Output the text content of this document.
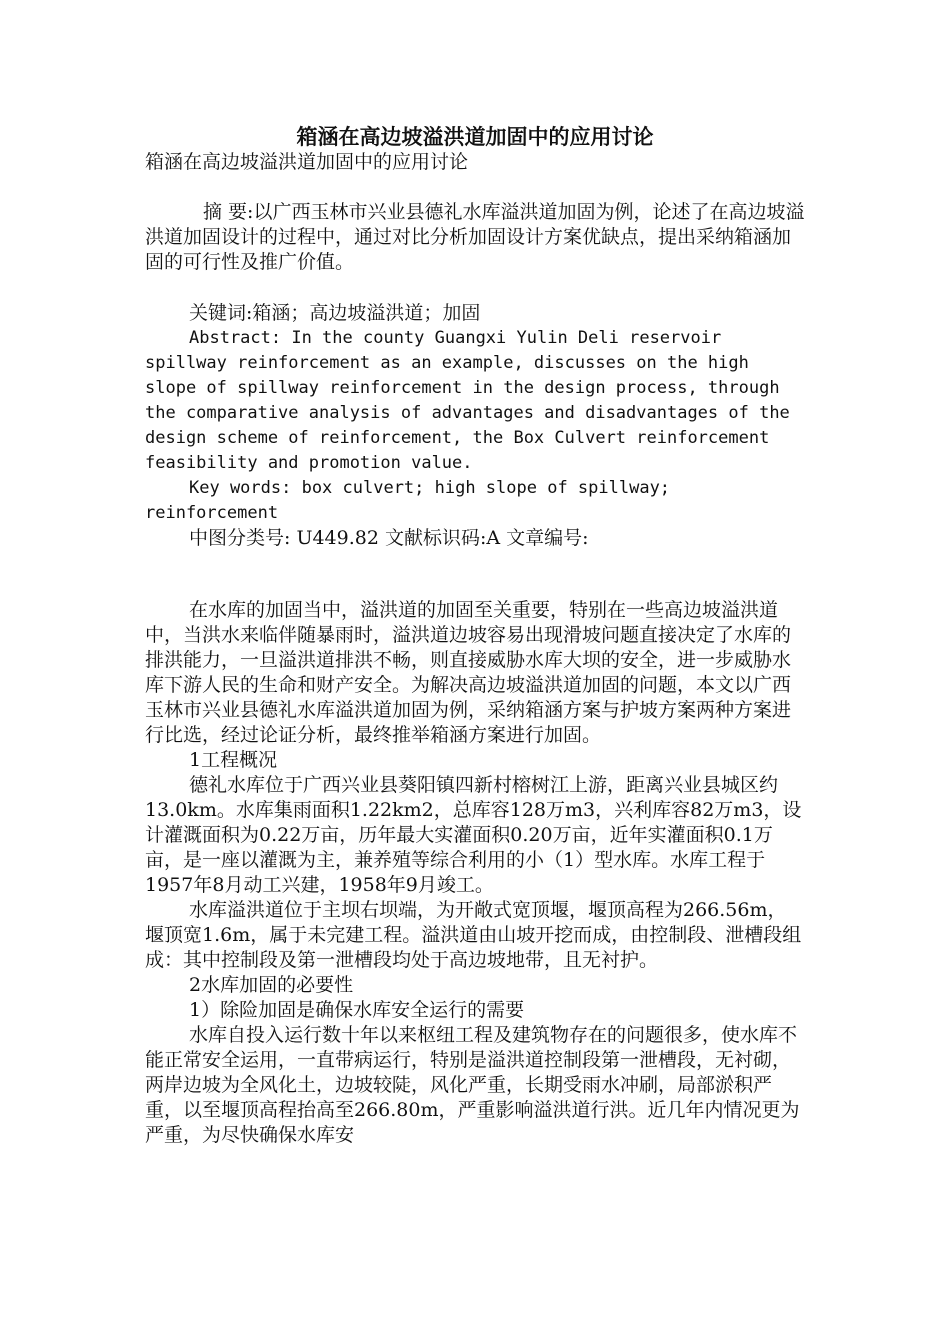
箱涵在高边坡溢洪道加固中的应用讨论

箱涵在高边坡溢洪道加固中的应用讨论

摘 要:以广西玉林市兴业县德礼水库溢洪道加固为例，论述了在高边坡溢洪道加固设计的过程中，通过对比分析加固设计方案优缺点，提出采纳箱涵加固的可行性及推广价值。

关键词:箱涵；高边坡溢洪道；加固

Abstract: In the county Guangxi Yulin Deli reservoir spillway reinforcement as an example, discusses on the high slope of spillway reinforcement in the design process, through the comparative analysis of advantages and disadvantages of the design scheme of reinforcement, the Box Culvert reinforcement feasibility and promotion value.

Key words: box culvert; high slope of spillway; reinforcement

中图分类号: U449.82 文献标识码:A 文章编号:

在水库的加固当中，溢洪道的加固至关重要，特别在一些高边坡溢洪道中，当洪水来临伴随暴雨时，溢洪道边坡容易出现滑坡问题直接决定了水库的排洪能力，一旦溢洪道排洪不畅，则直接威胁水库大坝的安全，进一步威胁水库下游人民的生命和财产安全。为解决高边坡溢洪道加固的问题，本文以广西玉林市兴业县德礼水库溢洪道加固为例，采纳箱涵方案与护坡方案两种方案进行比选，经过论证分析，最终推举箱涵方案进行加固。

1工程概况

德礼水库位于广西兴业县葵阳镇四新村榕树江上游，距离兴业县城区约13.0km。水库集雨面积1.22km2，总库容128万m3，兴利库容82万m3，设计灌溉面积为0.22万亩，历年最大实灌面积0.20万亩，近年实灌面积0.1万亩，是一座以灌溉为主，兼养殖等综合利用的小（1）型水库。水库工程于1957年8月动工兴建，1958年9月竣工。

水库溢洪道位于主坝右坝端，为开敞式宽顶堰，堰顶高程为266.56m，堰顶宽1.6m，属于未完建工程。溢洪道由山坡开挖而成，由控制段、泄槽段组成：其中控制段及第一泄槽段均处于高边坡地带，且无衬护。

2水库加固的必要性

1）除险加固是确保水库安全运行的需要

水库自投入运行数十年以来枢纽工程及建筑物存在的问题很多，使水库不能正常安全运用，一直带病运行，特别是溢洪道控制段第一泄槽段，无衬砌，两岸边坡为全风化土，边坡较陡，风化严重，长期受雨水冲刷，局部淤积严重，以至堰顶高程抬高至266.80m，严重影响溢洪道行洪。近几年内情况更为严重，为尽快确保水库安
